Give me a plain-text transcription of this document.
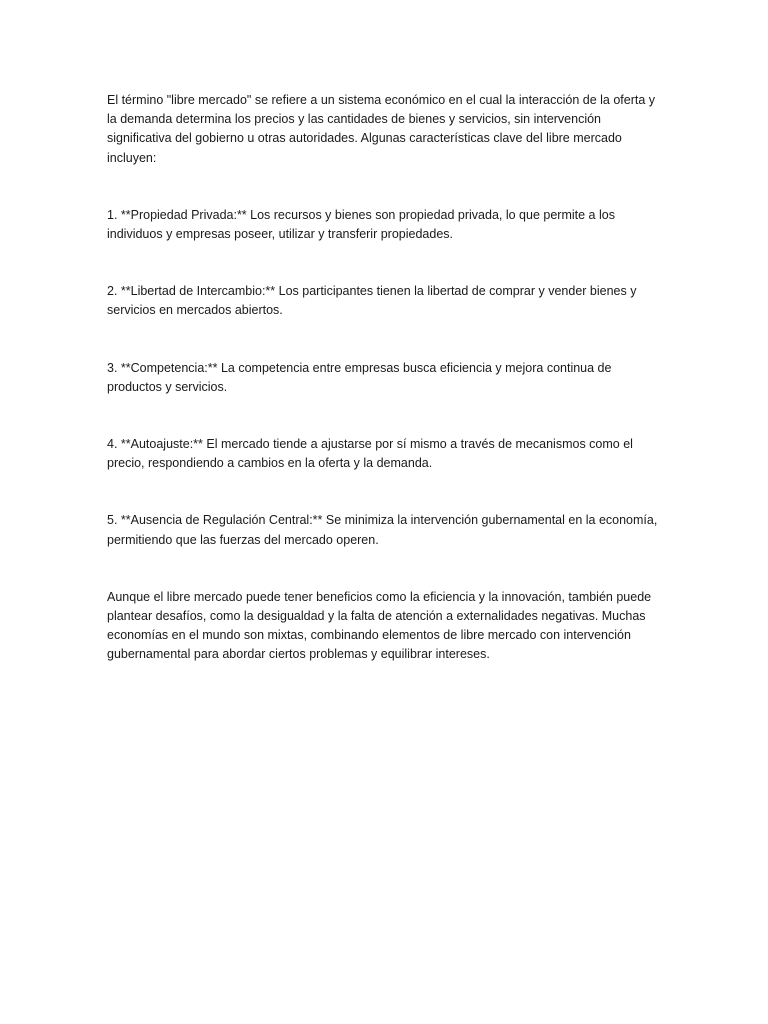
El término "libre mercado" se refiere a un sistema económico en el cual la interacción de la oferta y la demanda determina los precios y las cantidades de bienes y servicios, sin intervención significativa del gobierno u otras autoridades. Algunas características clave del libre mercado incluyen:

1. **Propiedad Privada:** Los recursos y bienes son propiedad privada, lo que permite a los individuos y empresas poseer, utilizar y transferir propiedades.

2. **Libertad de Intercambio:** Los participantes tienen la libertad de comprar y vender bienes y servicios en mercados abiertos.

3. **Competencia:** La competencia entre empresas busca eficiencia y mejora continua de productos y servicios.

4. **Autoajuste:** El mercado tiende a ajustarse por sí mismo a través de mecanismos como el precio, respondiendo a cambios en la oferta y la demanda.

5. **Ausencia de Regulación Central:** Se minimiza la intervención gubernamental en la economía, permitiendo que las fuerzas del mercado operen.

Aunque el libre mercado puede tener beneficios como la eficiencia y la innovación, también puede plantear desafíos, como la desigualdad y la falta de atención a externalidades negativas. Muchas economías en el mundo son mixtas, combinando elementos de libre mercado con intervención gubernamental para abordar ciertos problemas y equilibrar intereses.
